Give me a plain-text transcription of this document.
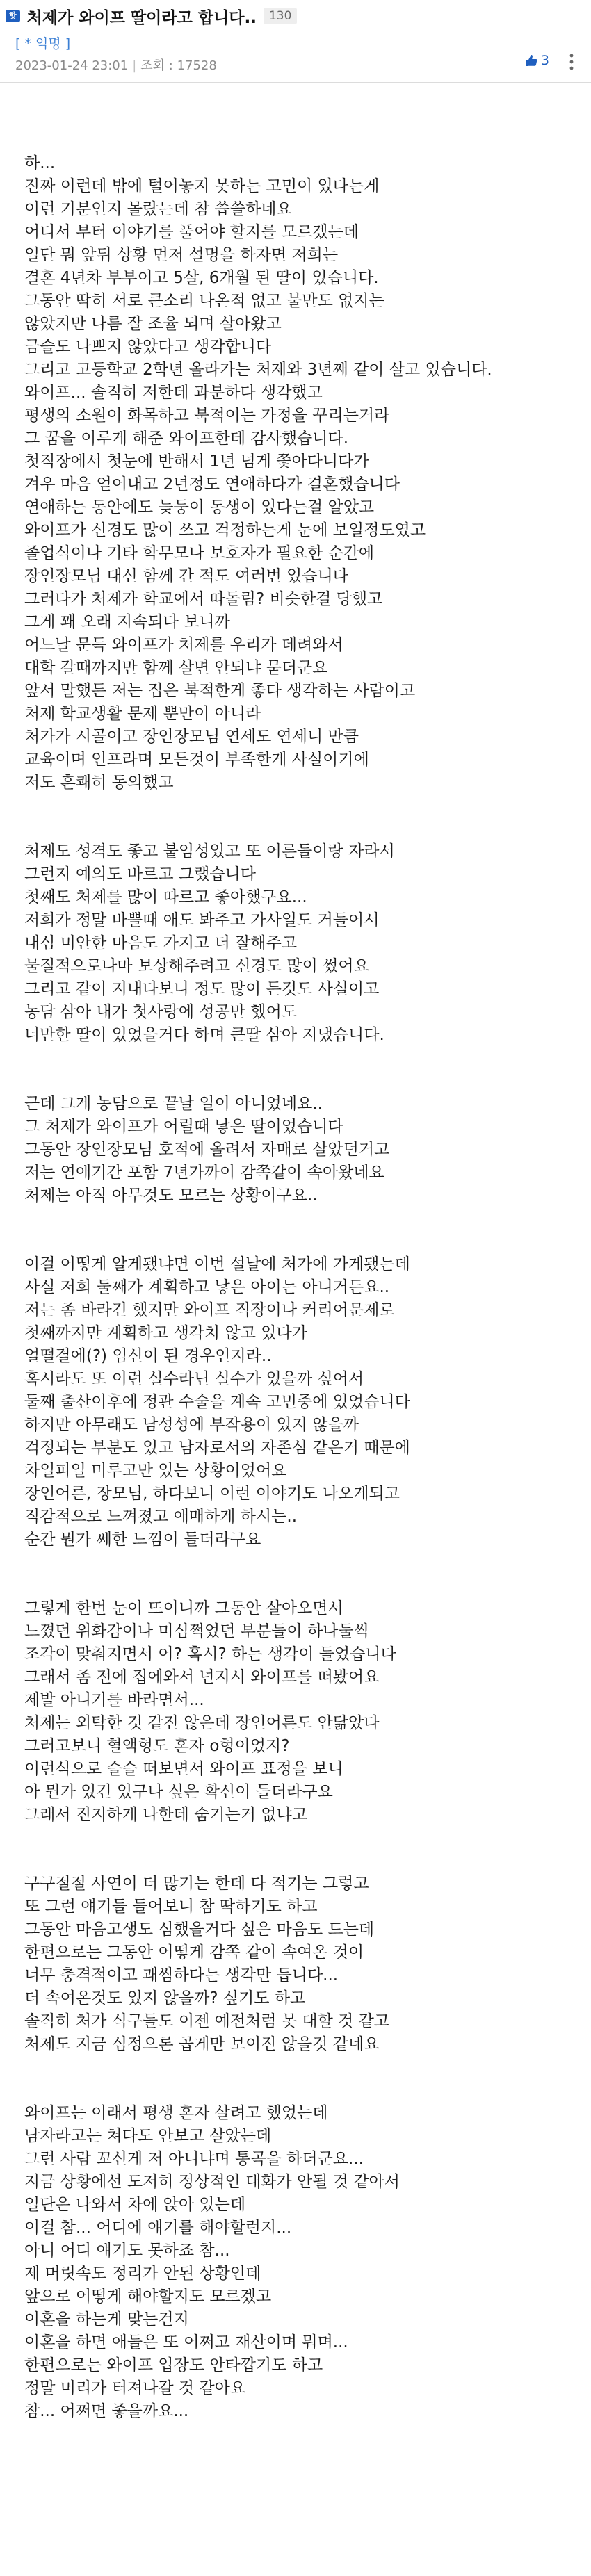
핫 처제가 와이프 딸이라고 합니다..	130
[ * 익명 ]
2023-01-24 23:01 | 조회 : 17528	3
하...
진짜 이런데 밖에 털어놓지 못하는 고민이 있다는게
이런 기분인지 몰랐는데 참 씁쓸하네요
어디서 부터 이야기를 풀어야 할지를 모르겠는데
일단 뭐 앞뒤 상황 먼저 설명을 하자면 저희는
결혼 4년차 부부이고 5살, 6개월 된 딸이 있습니다.
그동안 딱히 서로 큰소리 나온적 없고 불만도 없지는
않았지만 나름 잘 조율 되며 살아왔고
금슬도 나쁘지 않았다고 생각합니다
그리고 고등학교 2학년 올라가는 처제와 3년째 같이 살고 있습니다.
와이프... 솔직히 저한테 과분하다 생각했고
평생의 소원이 화목하고 북적이는 가정을 꾸리는거라
그 꿈을 이루게 해준 와이프한테 감사했습니다.
첫직장에서 첫눈에 반해서 1년 넘게 쫓아다니다가
겨우 마음 얻어내고 2년정도 연애하다가 결혼했습니다
연애하는 동안에도 늦둥이 동생이 있다는걸 알았고
와이프가 신경도 많이 쓰고 걱정하는게 눈에 보일정도였고
졸업식이나 기타 학무모나 보호자가 필요한 순간에
장인장모님 대신 함께 간 적도 여러번 있습니다
그러다가 처제가 학교에서 따돌림? 비슷한걸 당했고
그게 꽤 오래 지속되다 보니까
어느날 문득 와이프가 처제를 우리가 데려와서
대학 갈때까지만 함께 살면 안되냐 묻더군요
앞서 말했든 저는 집은 북적한게 좋다 생각하는 사람이고
처제 학교생활 문제 뿐만이 아니라
처가가 시골이고 장인장모님 연세도 연세니 만큼
교육이며 인프라며 모든것이 부족한게 사실이기에
저도 흔쾌히 동의했고
처제도 성격도 좋고 붙임성있고 또 어른들이랑 자라서
그런지 예의도 바르고 그랬습니다
첫째도 처제를 많이 따르고 좋아했구요...
저희가 정말 바쁠때 애도 봐주고 가사일도 거들어서
내심 미안한 마음도 가지고 더 잘해주고
물질적으로나마 보상해주려고 신경도 많이 썼어요
그리고 같이 지내다보니 정도 많이 든것도 사실이고
농담 삼아 내가 첫사랑에 성공만 했어도
너만한 딸이 있었을거다 하며 큰딸 삼아 지냈습니다.
근데 그게 농담으로 끝날 일이 아니었네요..
그 처제가 와이프가 어릴때 낳은 딸이었습니다
그동안 장인장모님 호적에 올려서 자매로 살았던거고
저는 연애기간 포함 7년가까이 감쪽같이 속아왔네요
처제는 아직 아무것도 모르는 상황이구요..
이걸 어떻게 알게됐냐면 이번 설날에 처가에 가게됐는데
사실 저희 둘째가 계획하고 낳은 아이는 아니거든요..
저는 좀 바라긴 했지만 와이프 직장이나 커리어문제로
첫째까지만 계획하고 생각치 않고 있다가
얼떨결에(?) 임신이 된 경우인지라..
혹시라도 또 이런 실수라닌 실수가 있을까 싶어서
둘째 출산이후에 정관 수술을 계속 고민중에 있었습니다
하지만 아무래도 남성성에 부작용이 있지 않을까
걱정되는 부분도 있고 남자로서의 자존심 같은거 때문에
차일피일 미루고만 있는 상황이었어요
장인어른, 장모님, 하다보니 이런 이야기도 나오게되고
직감적으로 느껴졌고 애매하게 하시는..
순간 뭔가 쎄한 느낌이 들더라구요
그렇게 한번 눈이 뜨이니까 그동안 살아오면서
느꼈던 위화감이나 미심쩍었던 부분들이 하나둘씩
조각이 맞춰지면서 어? 혹시? 하는 생각이 들었습니다
그래서 좀 전에 집에와서 넌지시 와이프를 떠봤어요
제발 아니기를 바라면서...
처제는 외탁한 것 같진 않은데 장인어른도 안닮았다
그러고보니 혈액형도 혼자 o형이었지?
이런식으로 슬슬 떠보면서 와이프 표정을 보니
아 뭔가 있긴 있구나 싶은 확신이 들더라구요
그래서 진지하게 나한테 숨기는거 없냐고
구구절절 사연이 더 많기는 한데 다 적기는 그렇고
또 그런 얘기들 들어보니 참 딱하기도 하고
그동안 마음고생도 심했을거다 싶은 마음도 드는데
한편으로는 그동안 어떻게 감쪽 같이 속여온 것이
너무 충격적이고 괘씸하다는 생각만 듭니다...
더 속여온것도 있지 않을까? 싶기도 하고
솔직히 처가 식구들도 이젠 예전처럼 못 대할 것 같고
처제도 지금 심정으론 곱게만 보이진 않을것 같네요
와이프는 이래서 평생 혼자 살려고 했었는데
남자라고는 쳐다도 안보고 살았는데
그런 사람 꼬신게 저 아니냐며 통곡을 하더군요...
지금 상황에선 도저히 정상적인 대화가 안될 것 같아서
일단은 나와서 차에 앉아 있는데
이걸 참... 어디에 얘기를 해야할런지...
아니 어디 얘기도 못하죠 참...
제 머릿속도 정리가 안된 상황인데
앞으로 어떻게 해야할지도 모르겠고
이혼을 하는게 맞는건지
이혼을 하면 애들은 또 어쩌고 재산이며 뭐며...
한편으로는 와이프 입장도 안타깝기도 하고
정말 머리가 터져나갈 것 같아요
참... 어쩌면 좋을까요...
